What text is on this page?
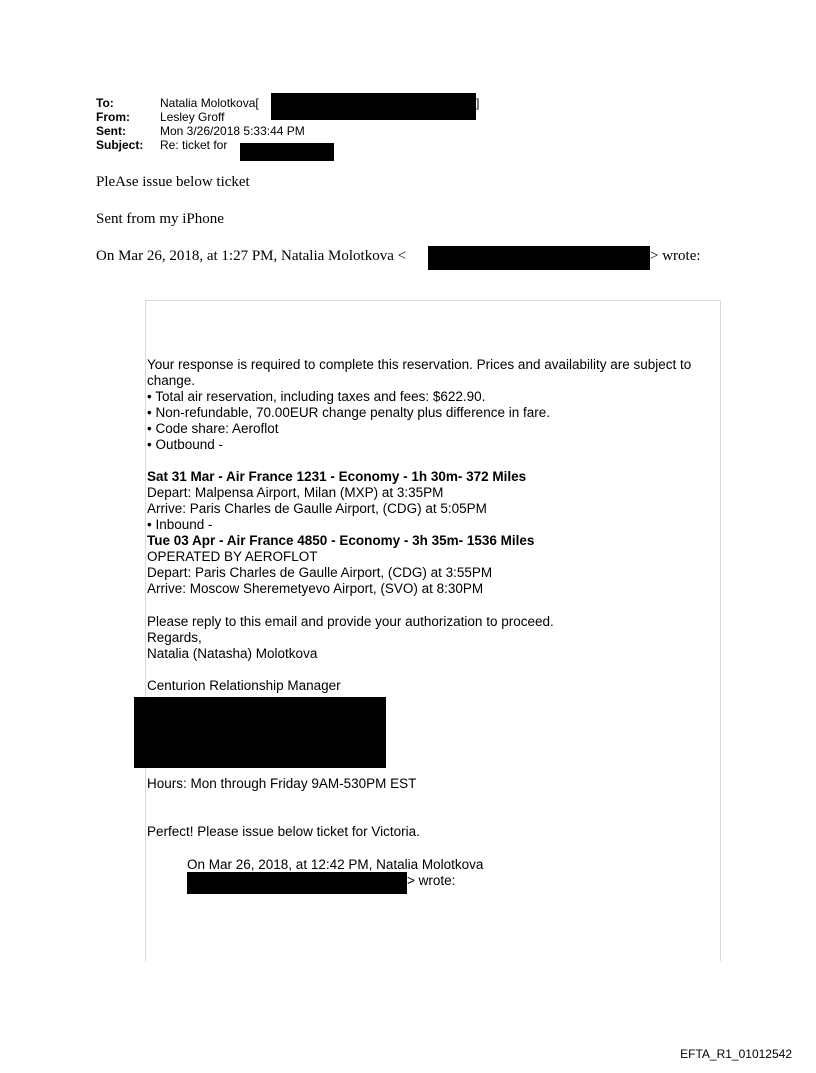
To:	Natalia Molotkova[
From:	Lesley Groff
Sent:	Mon 3/26/2018 5:33:44 PM
Subject: Re: ticket for
]
PleAse issue below ticket
Sent from my iPhone
On Mar 26, 2018, at 1:27 PM, Natalia Molotkova <	> wrote:
Your response is required to complete this reservation. Prices and availability are subject to
change.
• Total air reservation, including taxes and fees: $622.90.
• Non-refundable, 70.00EUR change penalty plus difference in fare.
• Code share: Aeroflot
• Outbound -
Sat 31 Mar - Air France 1231 - Economy - 1h 30m- 372 Miles
Depart: Malpensa Airport, Milan (MXP) at 3:35PM
Arrive: Paris Charles de Gaulle Airport, (CDG) at 5:05PM
• Inbound -
Tue 03 Apr - Air France 4850 - Economy - 3h 35m- 1536 Miles
OPERATED BY AEROFLOT
Depart: Paris Charles de Gaulle Airport, (CDG) at 3:55PM
Arrive: Moscow Sheremetyevo Airport, (SVO) at 8:30PM
Please reply to this email and provide your authorization to proceed.
Regards,
Natalia (Natasha) Molotkova
Centurion Relationship Manager
Hours: Mon through Friday 9AM-530PM EST
Perfect! Please issue below ticket for Victoria.
On Mar 26, 2018, at 12:42 PM, Natalia Molotkova
> wrote:
EFTA_R1_01012542
